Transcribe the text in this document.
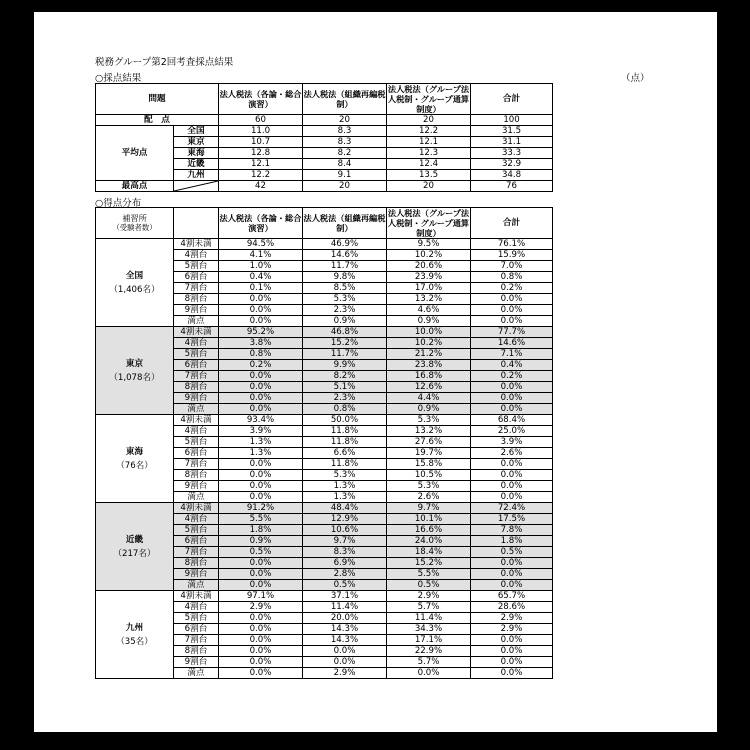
税務グループ第2回考査採点結果
○採点結果	（点）
問題		法人税法（各論・総合演習）	法人税法（組織再編税制）	法人税法（グループ法人税制・グループ通算制度）	合計
配　点		60	20	20	100
平均点	全国	11.0	8.3	12.2	31.5
	東京	10.7	8.3	12.1	31.1
	東海	12.8	8.2	12.3	33.3
	近畿	12.1	8.4	12.4	32.9
	九州	12.2	9.1	13.5	34.8
最高点		42	20	20	76
○得点分布
補習所
（受験者数）		法人税法（各論・総合演習）	法人税法（組織再編税制）	法人税法（グループ法人税制・グループ通算制度）	合計

全国
（1,406名）	4割未満	94.5%	46.9%	9.5%	76.1%
	4割台	4.1%	14.6%	10.2%	15.9%
	5割台	1.0%	11.7%	20.6%	7.0%
	6割台	0.4%	9.8%	23.9%	0.8%
	7割台	0.1%	8.5%	17.0%	0.2%
	8割台	0.0%	5.3%	13.2%	0.0%
	9割台	0.0%	2.3%	4.6%	0.0%
	満点	0.0%	0.9%	0.9%	0.0%

東京
（1,078名）	4割未満	95.2%	46.8%	10.0%	77.7%
	4割台	3.8%	15.2%	10.2%	14.6%
	5割台	0.8%	11.7%	21.2%	7.1%
	6割台	0.2%	9.9%	23.8%	0.4%
	7割台	0.0%	8.2%	16.8%	0.2%
	8割台	0.0%	5.1%	12.6%	0.0%
	9割台	0.0%	2.3%	4.4%	0.0%
	満点	0.0%	0.8%	0.9%	0.0%

東海
（76名）	4割未満	93.4%	50.0%	5.3%	68.4%
	4割台	3.9%	11.8%	13.2%	25.0%
	5割台	1.3%	11.8%	27.6%	3.9%
	6割台	1.3%	6.6%	19.7%	2.6%
	7割台	0.0%	11.8%	15.8%	0.0%
	8割台	0.0%	5.3%	10.5%	0.0%
	9割台	0.0%	1.3%	5.3%	0.0%
	満点	0.0%	1.3%	2.6%	0.0%

近畿
（217名）	4割未満	91.2%	48.4%	9.7%	72.4%
	4割台	5.5%	12.9%	10.1%	17.5%
	5割台	1.8%	10.6%	16.6%	7.8%
	6割台	0.9%	9.7%	24.0%	1.8%
	7割台	0.5%	8.3%	18.4%	0.5%
	8割台	0.0%	6.9%	15.2%	0.0%
	9割台	0.0%	2.8%	5.5%	0.0%
	満点	0.0%	0.5%	0.5%	0.0%

九州
（35名）	4割未満	97.1%	37.1%	2.9%	65.7%
	4割台	2.9%	11.4%	5.7%	28.6%
	5割台	0.0%	20.0%	11.4%	2.9%
	6割台	0.0%	14.3%	34.3%	2.9%
	7割台	0.0%	14.3%	17.1%	0.0%
	8割台	0.0%	0.0%	22.9%	0.0%
	9割台	0.0%	0.0%	5.7%	0.0%
	満点	0.0%	2.9%	0.0%	0.0%
